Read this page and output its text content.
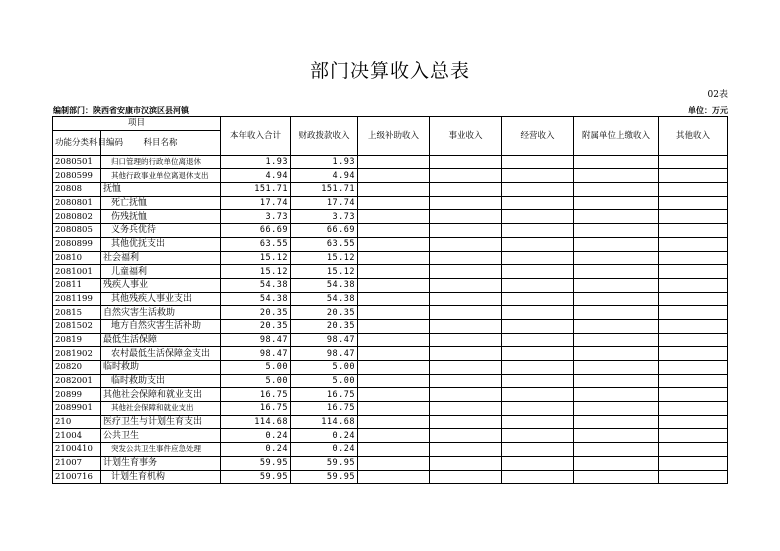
部门决算收入总表
02表
编制部门：陕西省安康市汉滨区县河镇	单位：万元
项目		本年收入合计	财政拨款收入	上级补助收入	事业收入	经营收入	附属单位上缴收入	其他收入
功能分类科目编码	科目名称							
2080501	归口管理的行政单位离退休	1.93	1.93					
2080599	其他行政事业单位离退休支出	4.94	4.94					
20808	抚恤	151.71	151.71					
2080801	死亡抚恤	17.74	17.74					
2080802	伤残抚恤	3.73	3.73					
2080805	义务兵优待	66.69	66.69					
2080899	其他优抚支出	63.55	63.55					
20810	社会福利	15.12	15.12					
2081001	儿童福利	15.12	15.12					
20811	残疾人事业	54.38	54.38					
2081199	其他残疾人事业支出	54.38	54.38					
20815	自然灾害生活救助	20.35	20.35					
2081502	地方自然灾害生活补助	20.35	20.35					
20819	最低生活保障	98.47	98.47					
2081902	农村最低生活保障金支出	98.47	98.47					
20820	临时救助	5.00	5.00					
2082001	临时救助支出	5.00	5.00					
20899	其他社会保障和就业支出	16.75	16.75					
2089901	其他社会保障和就业支出	16.75	16.75					
210	医疗卫生与计划生育支出	114.68	114.68					
21004	公共卫生	0.24	0.24					
2100410	突发公共卫生事件应急处理	0.24	0.24					
21007	计划生育事务	59.95	59.95					
2100716	计划生育机构	59.95	59.95					
